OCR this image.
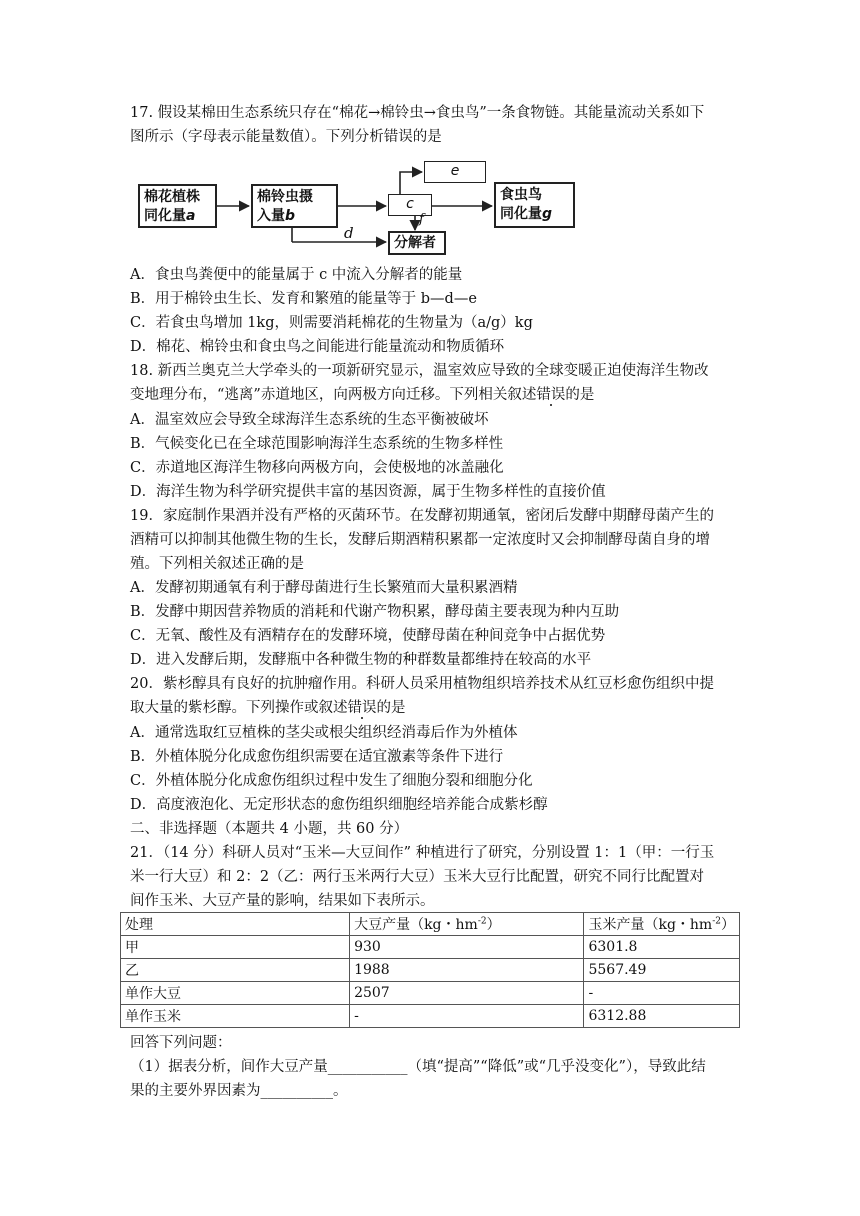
17. 假设某棉田生态系统只存在“棉花→棉铃虫→食虫鸟”一条食物链。其能量流动关系如下
图所示（字母表示能量数值）。下列分析错误的是
棉花植株
同化量a
棉铃虫摄
入量b
c
e
食虫鸟
同化量g
分解者
d
f
A．食虫鸟粪便中的能量属于 c 中流入分解者的能量
B．用于棉铃虫生长、发育和繁殖的能量等于 b—d—e
C．若食虫鸟增加 1kg，则需要消耗棉花的生物量为（a/g）kg
D．棉花、棉铃虫和食虫鸟之间能进行能量流动和物质循环
18. 新西兰奥克兰大学牵头的一项新研究显示，温室效应导致的全球变暖正迫使海洋生物改
变地理分布，“逃离”赤道地区，向两极方向迁移。下列相关叙述错误的是
A．温室效应会导致全球海洋生态系统的生态平衡被破坏
B．气候变化已在全球范围影响海洋生态系统的生物多样性
C．赤道地区海洋生物移向两极方向，会使极地的冰盖融化
D．海洋生物为科学研究提供丰富的基因资源，属于生物多样性的直接价值
19．家庭制作果酒并没有严格的灭菌环节。在发酵初期通氧，密闭后发酵中期酵母菌产生的
酒精可以抑制其他微生物的生长，发酵后期酒精积累都一定浓度时又会抑制酵母菌自身的增
殖。下列相关叙述正确的是
A．发酵初期通氧有利于酵母菌进行生长繁殖而大量积累酒精
B．发酵中期因营养物质的消耗和代谢产物积累，酵母菌主要表现为种内互助
C．无氧、酸性及有酒精存在的发酵环境，使酵母菌在种间竞争中占据优势
D．进入发酵后期，发酵瓶中各种微生物的种群数量都维持在较高的水平
20．紫杉醇具有良好的抗肿瘤作用。科研人员采用植物组织培养技术从红豆杉愈伤组织中提
取大量的紫杉醇。下列操作或叙述错误的是
A．通常选取红豆植株的茎尖或根尖组织经消毒后作为外植体
B．外植体脱分化成愈伤组织需要在适宜激素等条件下进行
C．外植体脱分化成愈伤组织过程中发生了细胞分裂和细胞分化
D．高度液泡化、无定形状态的愈伤组织细胞经培养能合成紫杉醇
二、非选择题（本题共 4 小题，共 60 分）
21．（14 分）科研人员对“玉米—大豆间作” 种植进行了研究，分别设置 1：1（甲：一行玉
米一行大豆）和 2：2（乙：两行玉米两行大豆）玉米大豆行比配置，研究不同行比配置对
间作玉米、大豆产量的影响，结果如下表所示。
处理	大豆产量（kg・$hm^{-2}$）	玉米产量（kg・$hm^{-2}$）
甲	930	6301.8
乙	1988	5567.49
单作大豆	2507	-
单作玉米	-	6312.88
回答下列问题：
（1）据表分析，间作大豆产量___________（填“提高”“降低”或“几乎没变化”），导致此结
果的主要外界因素为__________。
